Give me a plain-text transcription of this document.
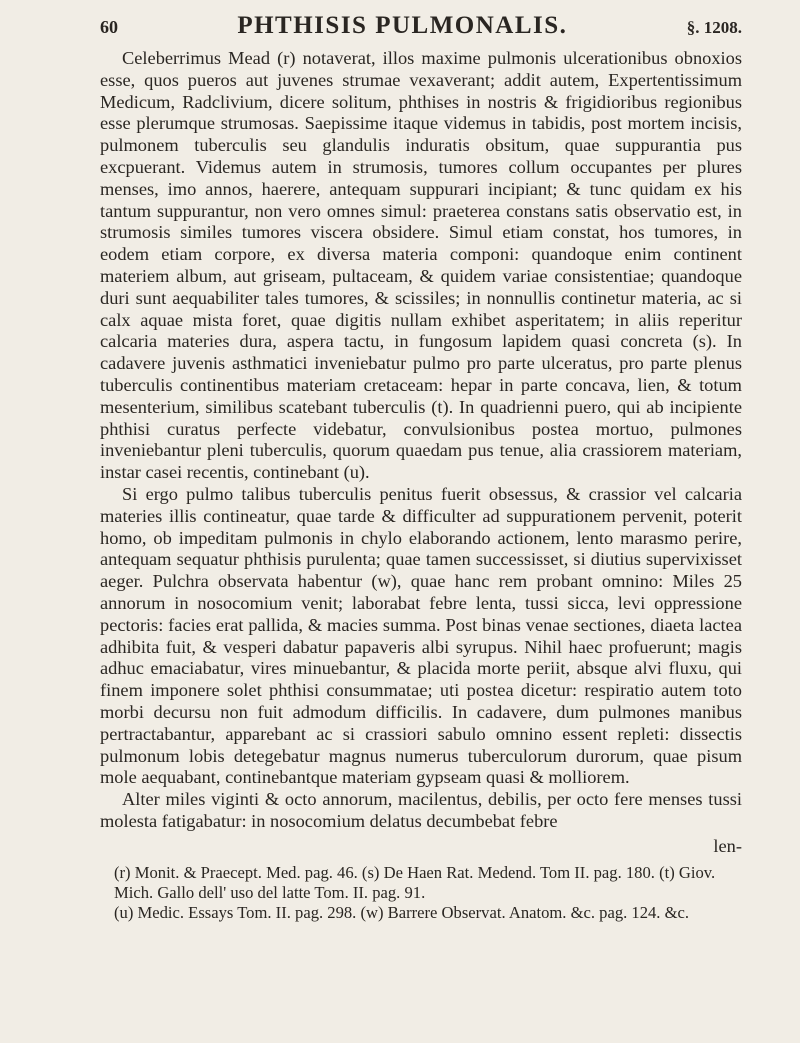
60	PHTHISIS PULMONALIS.	§. 1208.

Celeberrimus Mead (r) notaverat, illos maxime pulmonis ulcerationibus obnoxios esse, quos pueros aut juvenes strumae vexaverant; addit autem, Expertentissimum Medicum, Radclivium, dicere solitum, phthises in nostris & frigidioribus regionibus esse plerumque strumosas. Saepissime itaque videmus in tabidis, post mortem incisis, pulmonem tuberculis seu glandulis induratis obsitum, quae suppurantia pus excpuerant. Videmus autem in strumosis, tumores collum occupantes per plures menses, imo annos, haerere, antequam suppurari incipiant; & tunc quidam ex his tantum suppurantur, non vero omnes simul: praeterea constans satis observatio est, in strumosis similes tumores viscera obsidere. Simul etiam constat, hos tumores, in eodem etiam corpore, ex diversa materia componi: quandoque enim continent materiem album, aut griseam, pultaceam, & quidem variae consistentiae; quandoque duri sunt aequabiliter tales tumores, & scissiles; in nonnullis continetur materia, ac si calx aquae mista foret, quae digitis nullam exhibet asperitatem; in aliis reperitur calcaria materies dura, aspera tactu, in fungosum lapidem quasi concreta (s). In cadavere juvenis asthmatici inveniebatur pulmo pro parte ulceratus, pro parte plenus tuberculis continentibus materiam cretaceam: hepar in parte concava, lien, & totum mesenterium, similibus scatebant tuberculis (t). In quadrienni puero, qui ab incipiente phthisi curatus perfecte videbatur, convulsionibus postea mortuo, pulmones inveniebantur pleni tuberculis, quorum quaedam pus tenue, alia crassiorem materiam, instar casei recentis, continebant (u).

Si ergo pulmo talibus tuberculis penitus fuerit obsessus, & crassior vel calcaria materies illis contineatur, quae tarde & difficulter ad suppurationem pervenit, poterit homo, ob impeditam pulmonis in chylo elaborando actionem, lento marasmo perire, antequam sequatur phthisis purulenta; quae tamen successisset, si diutius supervixisset aeger. Pulchra observata habentur (w), quae hanc rem probant omnino: Miles 25 annorum in nosocomium venit; laborabat febre lenta, tussi sicca, levi oppressione pectoris: facies erat pallida, & macies summa. Post binas venae sectiones, diaeta lactea adhibita fuit, & vesperi dabatur papaveris albi syrupus. Nihil haec profuerunt; magis adhuc emaciabatur, vires minuebantur, & placida morte periit, absque alvi fluxu, qui finem imponere solet phthisi consummatae; uti postea dicetur: respiratio autem toto morbi decursu non fuit admodum difficilis. In cadavere, dum pulmones manibus pertractabantur, apparebant ac si crassiori sabulo omnino essent repleti: dissectis pulmonum lobis detegebatur magnus numerus tuberculorum durorum, quae pisum mole aequabant, continebantque materiam gypseam quasi & molliorem.

Alter miles viginti & octo annorum, macilentus, debilis, per octo fere menses tussi molesta fatigabatur: in nosocomium delatus decumbebat febre

len-

(r) Monit. & Praecept. Med. pag. 46. (s) De Haen Rat. Medend. Tom II. pag. 180. (t) Giov. Mich. Gallo dell' uso del latte Tom. II. pag. 91.

(u) Medic. Essays Tom. II. pag. 298. (w) Barrere Observat. Anatom. &c. pag. 124. &c.
